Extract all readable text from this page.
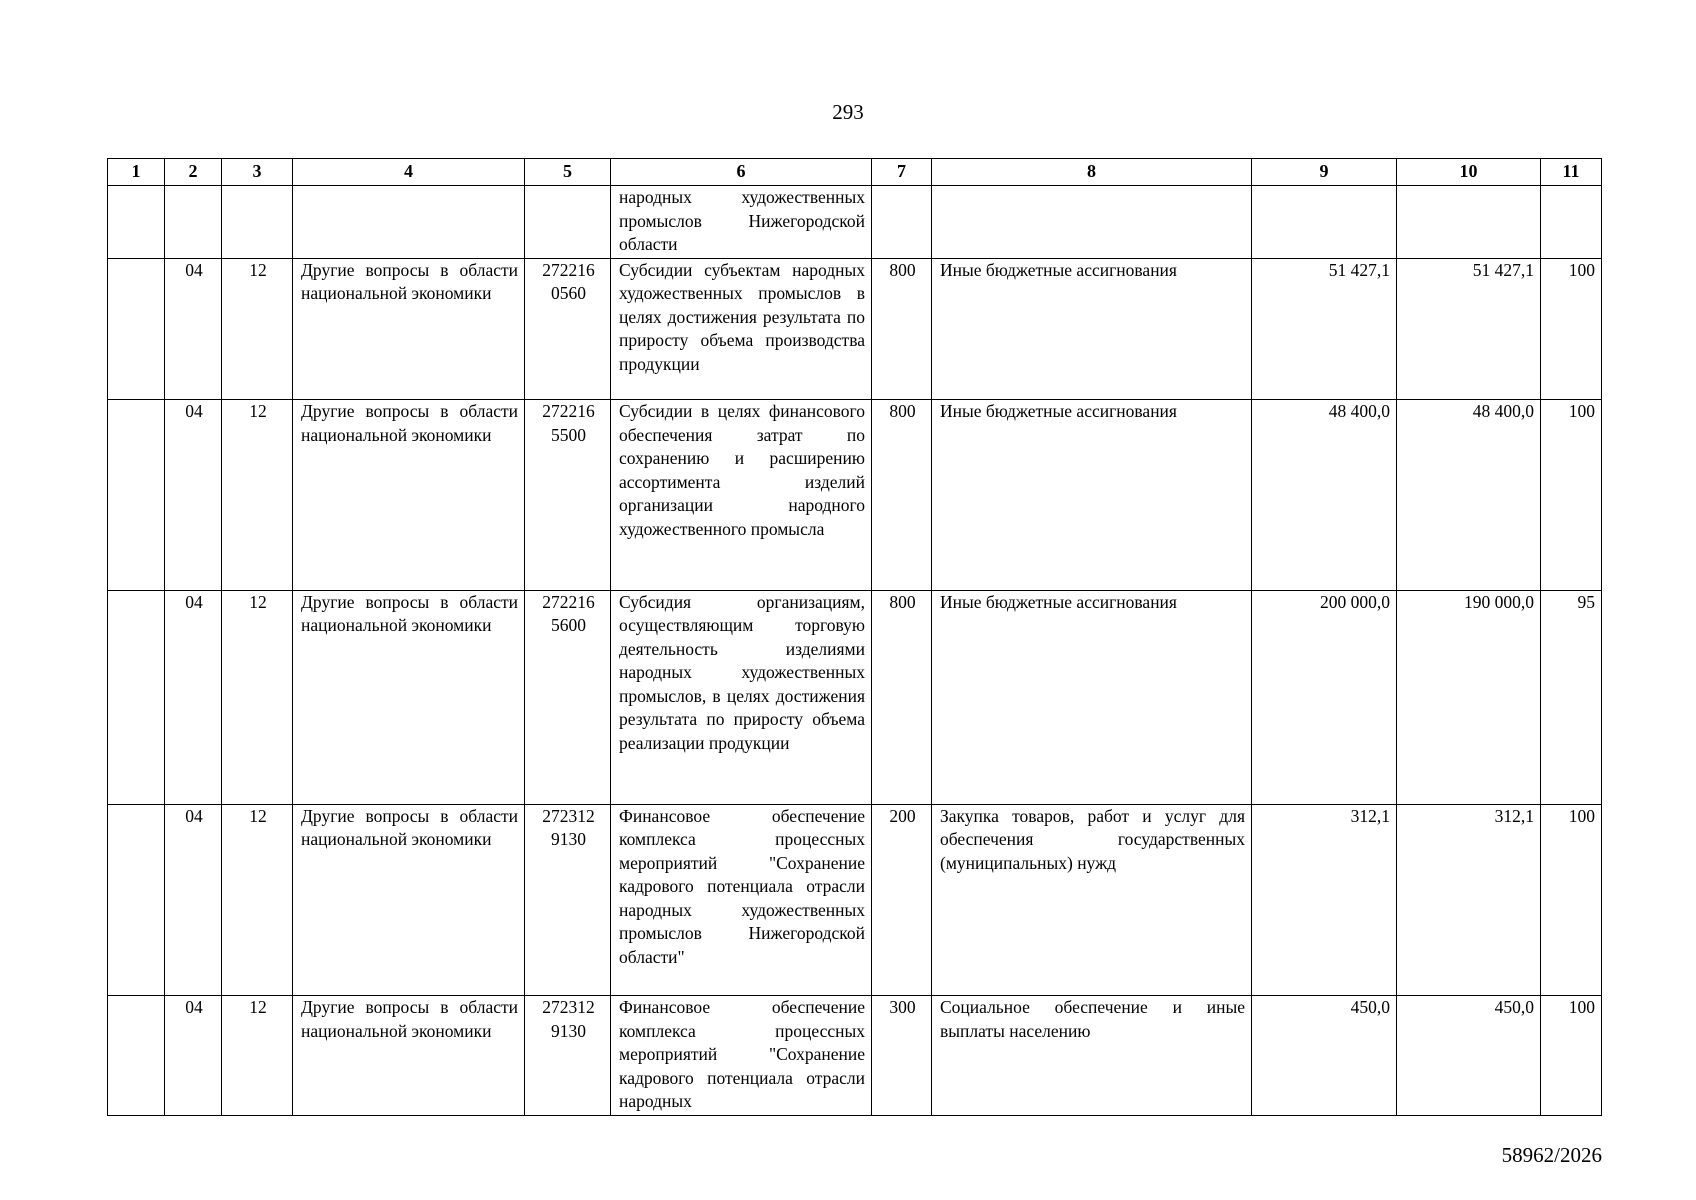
293
1	2	3	4	5	6	7	8	9	10	11
					народных художественных промыслов Нижегородской области					
	04	12	Другие вопросы в области национальной экономики	272216 0560	Субсидии субъектам народных художественных промыслов в целях достижения результата по приросту объема производства продукции	800	Иные бюджетные ассигнования	51 427,1	51 427,1	100
	04	12	Другие вопросы в области национальной экономики	272216 5500	Субсидии в целях финансового обеспечения затрат по сохранению и расширению ассортимента изделий организации народного художественного промысла	800	Иные бюджетные ассигнования	48 400,0	48 400,0	100
	04	12	Другие вопросы в области национальной экономики	272216 5600	Субсидия организациям, осуществляющим торговую деятельность изделиями народных художественных промыслов, в целях достижения результата по приросту объема реализации продукции	800	Иные бюджетные ассигнования	200 000,0	190 000,0	95
	04	12	Другие вопросы в области национальной экономики	272312 9130	Финансовое обеспечение комплекса процессных мероприятий "Сохранение кадрового потенциала отрасли народных художественных промыслов Нижегородской области"	200	Закупка товаров, работ и услуг для обеспечения государственных (муниципальных) нужд	312,1	312,1	100
	04	12	Другие вопросы в области национальной экономики	272312 9130	Финансовое обеспечение комплекса процессных мероприятий "Сохранение кадрового потенциала отрасли народных	300	Социальное обеспечение и иные выплаты населению	450,0	450,0	100
58962/2026
